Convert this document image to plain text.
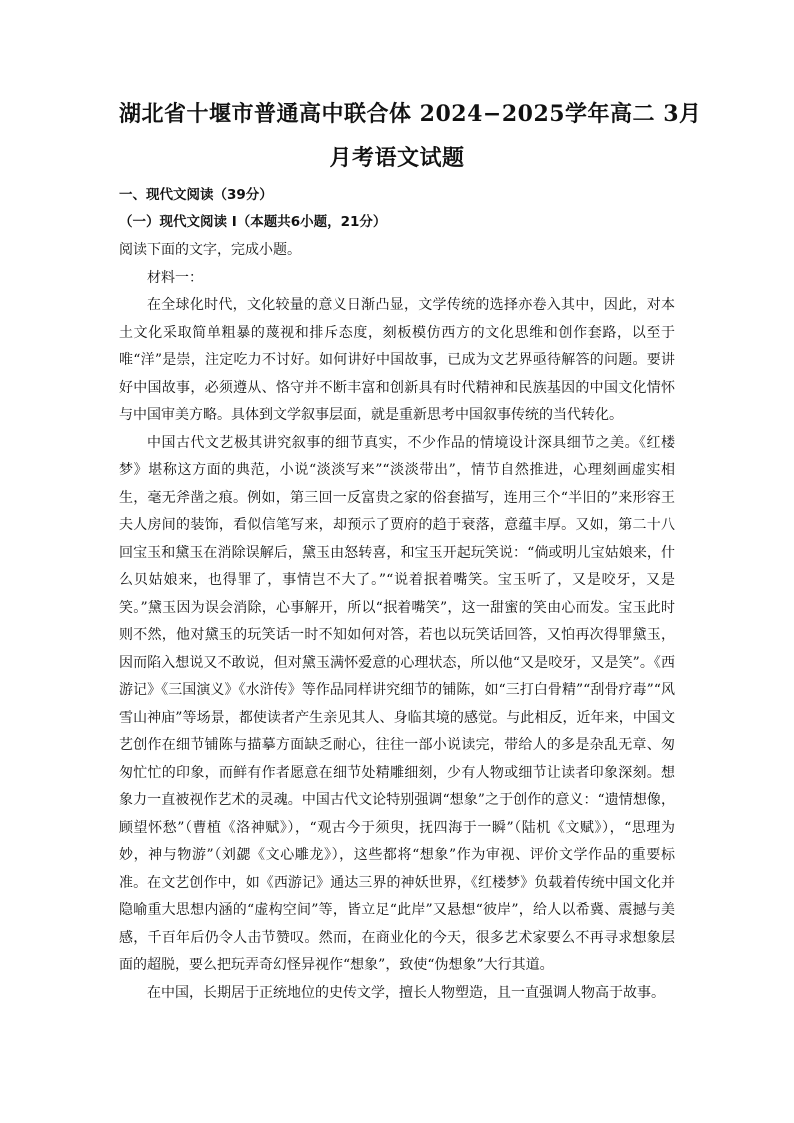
湖北省十堰市普通高中联合体 2024−2025学年高二 3月
月考语文试题

一、现代文阅读（39分）

（一）现代文阅读 I（本题共6小题，21分）

阅读下面的文字，完成小题。

材料一：

在全球化时代，文化较量的意义日渐凸显，文学传统的选择亦卷入其中，因此，对本土文化采取简单粗暴的蔑视和排斥态度，刻板模仿西方的文化思维和创作套路，以至于唯“洋”是崇，注定吃力不讨好。如何讲好中国故事，已成为文艺界亟待解答的问题。要讲好中国故事，必须遵从、恪守并不断丰富和创新具有时代精神和民族基因的中国文化情怀与中国审美方略。具体到文学叙事层面，就是重新思考中国叙事传统的当代转化。

中国古代文艺极其讲究叙事的细节真实，不少作品的情境设计深具细节之美。《红楼梦》堪称这方面的典范，小说“淡淡写来”“淡淡带出”，情节自然推进，心理刻画虚实相生，毫无斧凿之痕。例如，第三回一反富贵之家的俗套描写，连用三个“半旧的”来形容王夫人房间的装饰，看似信笔写来，却预示了贾府的趋于衰落，意蕴丰厚。又如，第二十八回宝玉和黛玉在消除误解后，黛玉由怒转喜，和宝玉开起玩笑说：“倘或明儿宝姑娘来，什么贝姑娘来，也得罪了，事情岂不大了。”“说着抿着嘴笑。宝玉听了，又是咬牙，又是笑。”黛玉因为误会消除，心事解开，所以“抿着嘴笑”，这一甜蜜的笑由心而发。宝玉此时则不然，他对黛玉的玩笑话一时不知如何对答，若也以玩笑话回答，又怕再次得罪黛玉，因而陷入想说又不敢说，但对黛玉满怀爱意的心理状态，所以他“又是咬牙，又是笑”。《西游记》《三国演义》《水浒传》等作品同样讲究细节的铺陈，如“三打白骨精”“刮骨疗毒”“风雪山神庙”等场景，都使读者产生亲见其人、身临其境的感觉。与此相反，近年来，中国文艺创作在细节铺陈与描摹方面缺乏耐心，往往一部小说读完，带给人的多是杂乱无章、匆匆忙忙的印象，而鲜有作者愿意在细节处精雕细刻，少有人物或细节让读者印象深刻。想象力一直被视作艺术的灵魂。中国古代文论特别强调“想象”之于创作的意义：“遗情想像，顾望怀愁”（曹植《洛神赋》），“观古今于须臾，抚四海于一瞬”（陆机《文赋》），“思理为妙，神与物游”（刘勰《文心雕龙》），这些都将“想象”作为审视、评价文学作品的重要标准。在文艺创作中，如《西游记》通达三界的神妖世界，《红楼梦》负载着传统中国文化并隐喻重大思想内涵的“虚构空间”等，皆立足“此岸”又悬想“彼岸”，给人以希冀、震撼与美感，千百年后仍令人击节赞叹。然而，在商业化的今天，很多艺术家要么不再寻求想象层面的超脱，要么把玩弄奇幻怪异视作“想象”，致使“伪想象”大行其道。

在中国，长期居于正统地位的史传文学，擅长人物塑造，且一直强调人物高于故事。
